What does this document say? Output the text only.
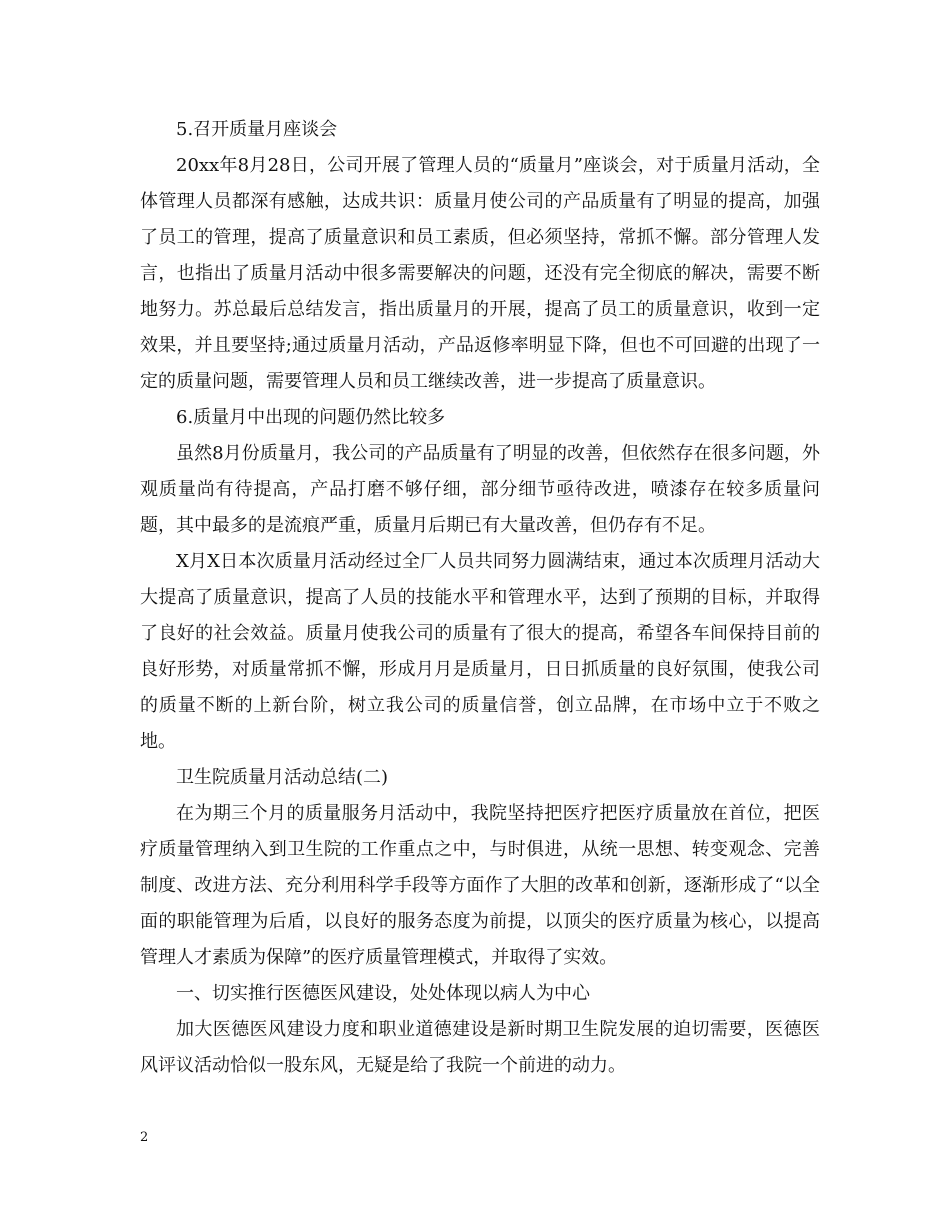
5.召开质量月座谈会

20xx年8月28日，公司开展了管理人员的“质量月”座谈会，对于质量月活动，全体管理人员都深有感触，达成共识：质量月使公司的产品质量有了明显的提高，加强了员工的管理，提高了质量意识和员工素质，但必须坚持，常抓不懈。部分管理人发言，也指出了质量月活动中很多需要解决的问题，还没有完全彻底的解决，需要不断地努力。苏总最后总结发言，指出质量月的开展，提高了员工的质量意识，收到一定效果，并且要坚持;通过质量月活动，产品返修率明显下降，但也不可回避的出现了一定的质量问题，需要管理人员和员工继续改善，进一步提高了质量意识。

6.质量月中出现的问题仍然比较多

虽然8月份质量月，我公司的产品质量有了明显的改善，但依然存在很多问题，外观质量尚有待提高，产品打磨不够仔细，部分细节亟待改进，喷漆存在较多质量问题，其中最多的是流痕严重，质量月后期已有大量改善，但仍存有不足。

X月X日本次质量月活动经过全厂人员共同努力圆满结束，通过本次质理月活动大大提高了质量意识，提高了人员的技能水平和管理水平，达到了预期的目标，并取得了良好的社会效益。质量月使我公司的质量有了很大的提高，希望各车间保持目前的良好形势，对质量常抓不懈，形成月月是质量月，日日抓质量的良好氛围，使我公司的质量不断的上新台阶，树立我公司的质量信誉，创立品牌，在市场中立于不败之地。

卫生院质量月活动总结(二)

在为期三个月的质量服务月活动中，我院坚持把医疗把医疗质量放在首位，把医疗质量管理纳入到卫生院的工作重点之中，与时俱进，从统一思想、转变观念、完善制度、改进方法、充分利用科学手段等方面作了大胆的改革和创新，逐渐形成了“以全面的职能管理为后盾，以良好的服务态度为前提，以顶尖的医疗质量为核心，以提高管理人才素质为保障”的医疗质量管理模式，并取得了实效。

一、切实推行医德医风建设，处处体现以病人为中心

加大医德医风建设力度和职业道德建设是新时期卫生院发展的迫切需要，医德医风评议活动恰似一股东风，无疑是给了我院一个前进的动力。

2
